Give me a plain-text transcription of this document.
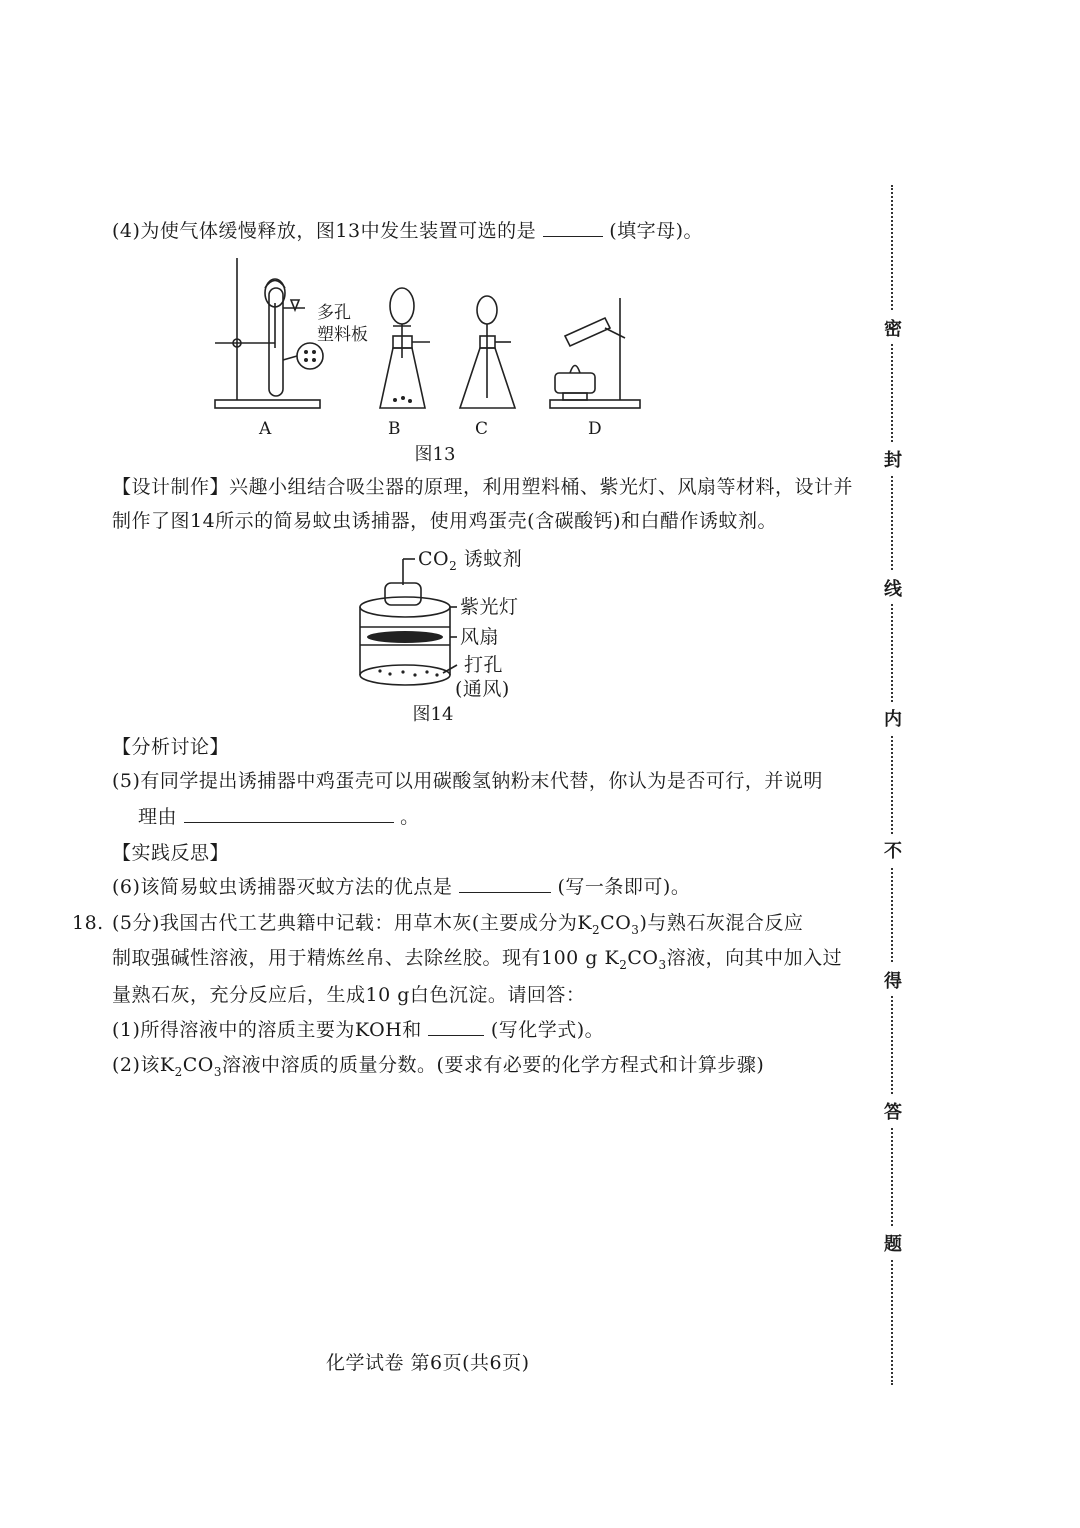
(4)为使气体缓慢释放，图13中发生装置可选的是	(填字母)。
多孔
塑料板
A	B	C	D
图13
【设计制作】兴趣小组结合吸尘器的原理，利用塑料桶、紫光灯、风扇等材料，设计并
制作了图14所示的简易蚊虫诱捕器，使用鸡蛋壳(含碳酸钙)和白醋作诱蚊剂。
$CO_2$ 诱蚊剂
紫光灯
风扇
打孔
(通风)
图14
【分析讨论】
(5)有同学提出诱捕器中鸡蛋壳可以用碳酸氢钠粉末代替，你认为是否可行，并说明
理由	。
【实践反思】
(6)该简易蚊虫诱捕器灭蚊方法的优点是	(写一条即可)。
18. (5分)我国古代工艺典籍中记载：用草木灰(主要成分为$K_2CO_3$)与熟石灰混合反应
制取强碱性溶液，用于精炼丝帛、去除丝胶。现有100 g $K_2CO_3$溶液，向其中加入过
量熟石灰，充分反应后，生成10 g白色沉淀。请回答：
(1)所得溶液中的溶质主要为KOH和	(写化学式)。
(2)该$K_2CO_3$溶液中溶质的质量分数。(要求有必要的化学方程式和计算步骤)
化学试卷 第6页(共6页)
密
封
线
内
不
得
答
题
